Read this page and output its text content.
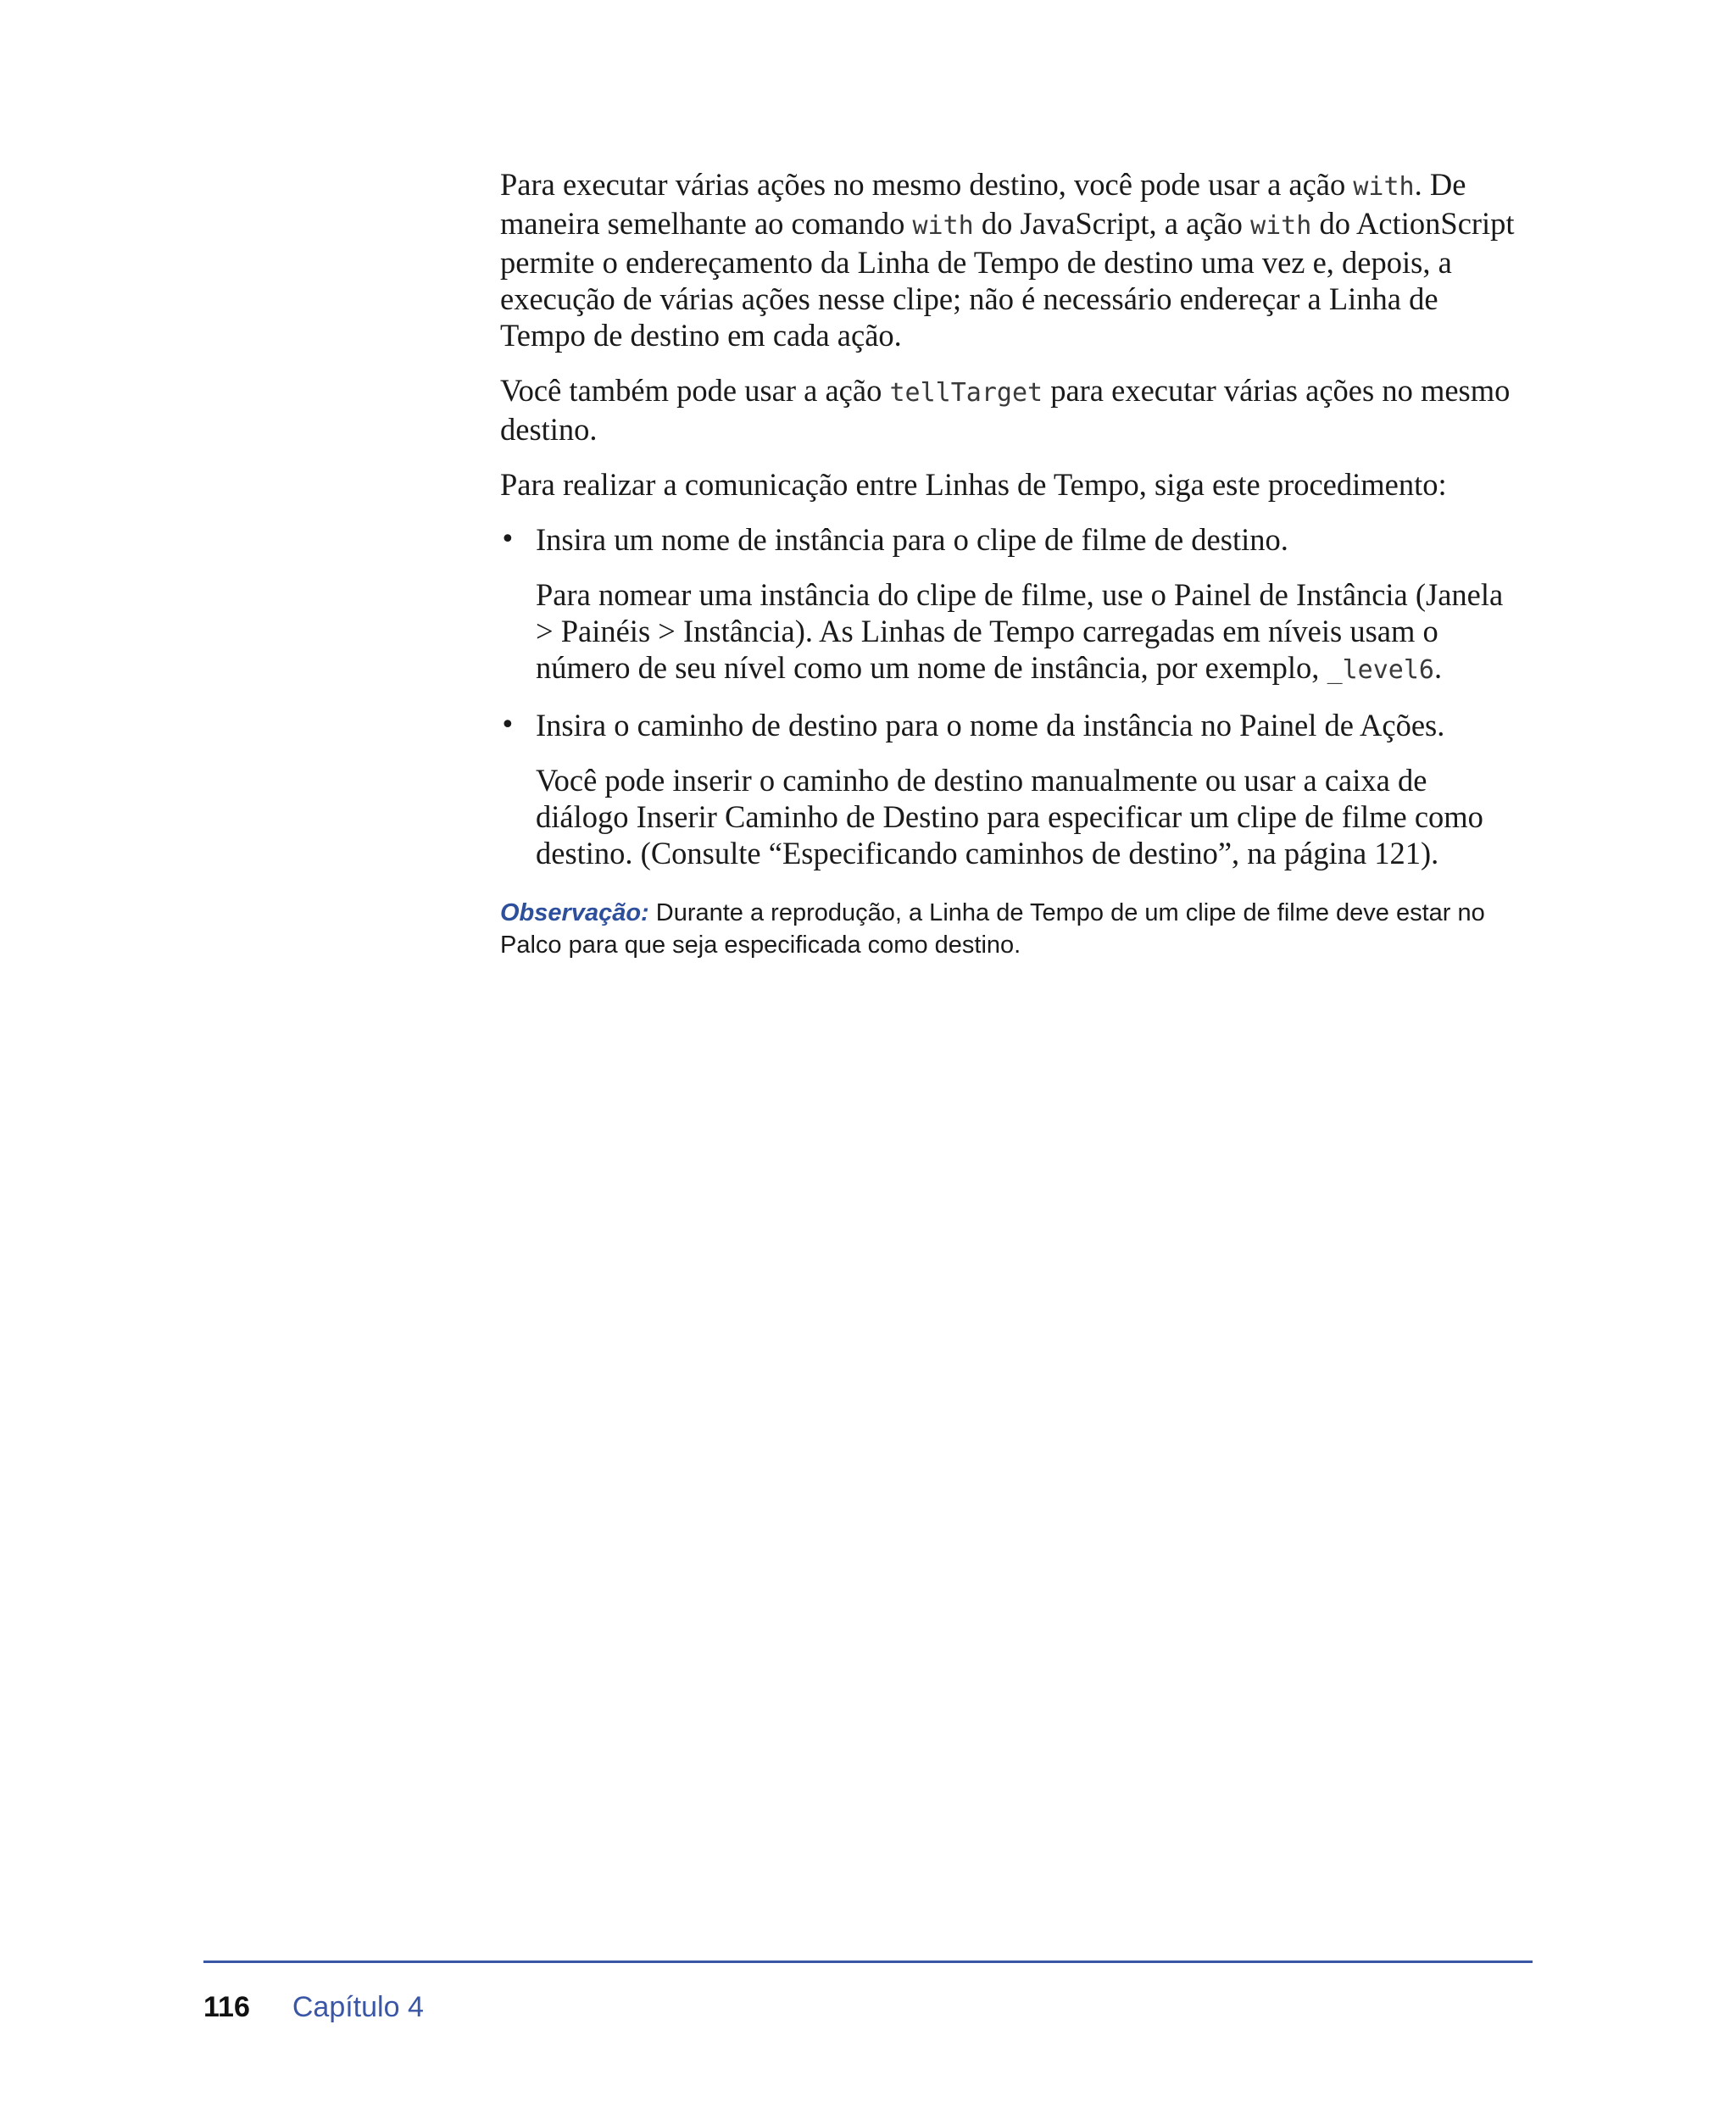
Para executar várias ações no mesmo destino, você pode usar a ação with. De maneira semelhante ao comando with do JavaScript, a ação with do ActionScript permite o endereçamento da Linha de Tempo de destino uma vez e, depois, a execução de várias ações nesse clipe; não é necessário endereçar a Linha de Tempo de destino em cada ação.

Você também pode usar a ação tellTarget para executar várias ações no mesmo destino.

Para realizar a comunicação entre Linhas de Tempo, siga este procedimento:

• Insira um nome de instância para o clipe de filme de destino.

Para nomear uma instância do clipe de filme, use o Painel de Instância (Janela > Painéis > Instância). As Linhas de Tempo carregadas em níveis usam o número de seu nível como um nome de instância, por exemplo, _level6.

• Insira o caminho de destino para o nome da instância no Painel de Ações.

Você pode inserir o caminho de destino manualmente ou usar a caixa de diálogo Inserir Caminho de Destino para especificar um clipe de filme como destino. (Consulte “Especificando caminhos de destino”, na página 121).

Observação: Durante a reprodução, a Linha de Tempo de um clipe de filme deve estar no Palco para que seja especificada como destino.

116 Capítulo 4
